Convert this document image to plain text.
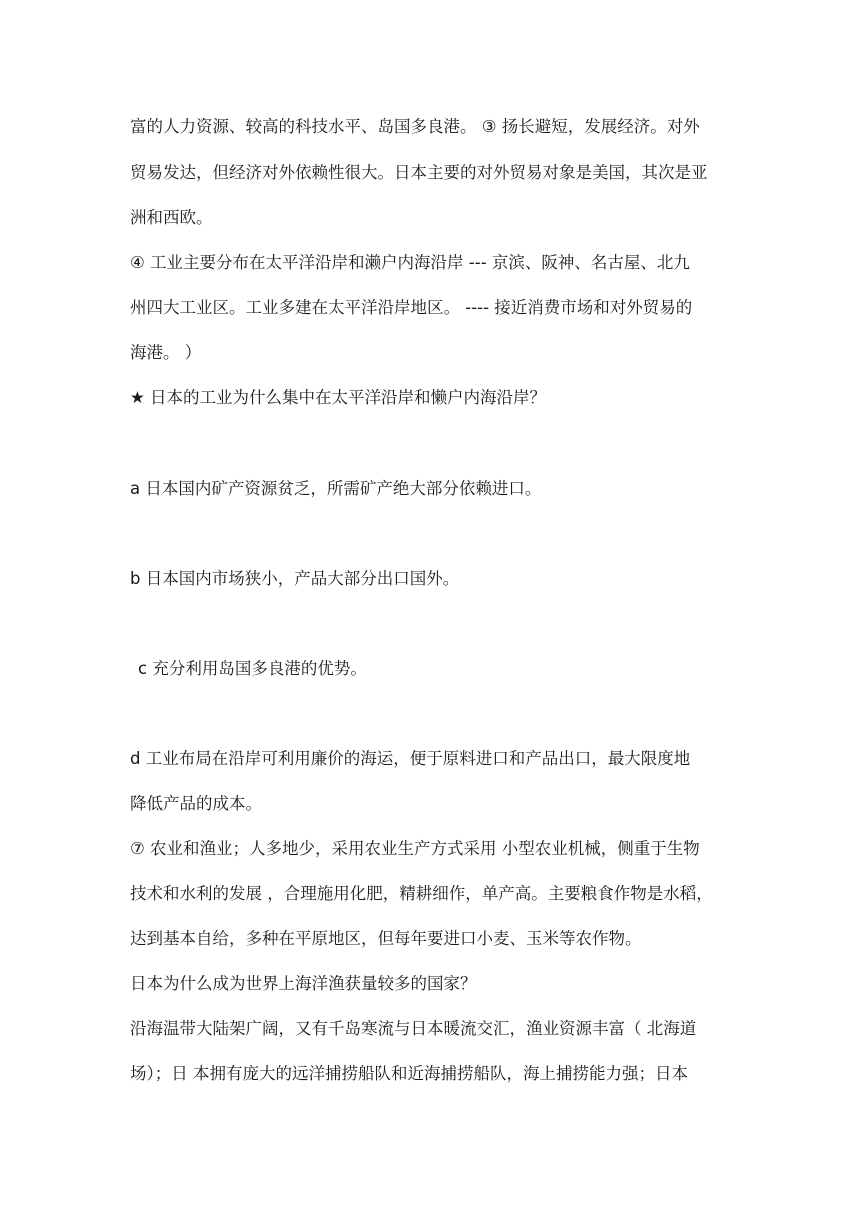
富的人力资源、较高的科技水平、岛国多良港。 ③ 扬长避短，发展经济。对外
贸易发达，但经济对外依赖性很大。日本主要的对外贸易对象是美国，其次是亚
洲和西欧。
④ 工业主要分布在太平洋沿岸和濑户内海沿岸 --- 京滨、阪神、名古屋、北九
州四大工业区。工业多建在太平洋沿岸地区。 ---- 接近消费市场和对外贸易的
海港。 ）
★ 日本的工业为什么集中在太平洋沿岸和懒户内海沿岸？
a 日本国内矿产资源贫乏，所需矿产绝大部分依赖进口。
b 日本国内市场狭小，产品大部分出口国外。
c 充分利用岛国多良港的优势。
d 工业布局在沿岸可利用廉价的海运，便于原料进口和产品出口，最大限度地
降低产品的成本。
⑦ 农业和渔业；人多地少，采用农业生产方式采用 小型农业机械，侧重于生物
技术和水利的发展 ，合理施用化肥，精耕细作，单产高。主要粮食作物是水稻，
达到基本自给，多种在平原地区，但每年要进口小麦、玉米等农作物。
日本为什么成为世界上海洋渔获量较多的国家？
沿海温带大陆架广阔，又有千岛寒流与日本暖流交汇，渔业资源丰富（ 北海道
场）；日 本拥有庞大的远洋捕捞船队和近海捕捞船队，海上捕捞能力强；日本
